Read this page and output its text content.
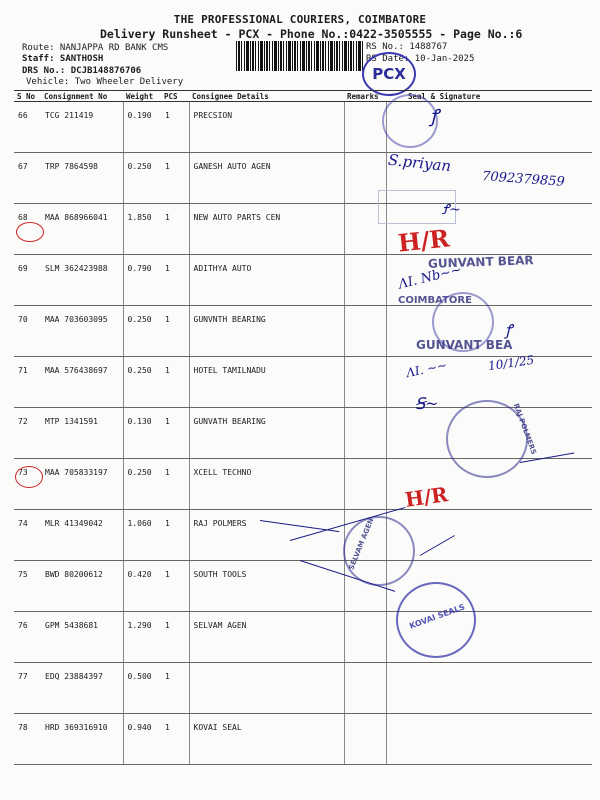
THE PROFESSIONAL COURIERS, COIMBATORE
Delivery Runsheet - PCX - Phone No.:0422-3505555 - Page No.:6
Route: NANJAPPA RD BANK CMS
Staff: SANTHOSH
DRS No.: DCJB148876706
Vehicle: Two Wheeler Delivery
RS No.: 1488767
RS Date: 10-Jan-2025
PCX
S No	Consignment No	Weight	PCS	Consignee Details	Remarks	Seal & Signature
66	TCG 211419	0.190	1	PRECSION		
67	TRP 7864598	0.250	1	GANESH AUTO AGEN		
68	MAA 868966041	1.850	1	NEW AUTO PARTS CEN		
69	SLM 362423988	0.790	1	ADITHYA AUTO		
70	MAA 703603095	0.250	1	GUNVNTH BEARING		
71	MAA 576438697	0.250	1	HOTEL TAMILNADU		
72	MTP 1341591	0.130	1	GUNVATH BEARING		
73	MAA 705833197	0.250	1	XCELL TECHNO		
74	MLR 41349042	1.060	1	RAJ POLMERS		
75	BWD 80200612	0.420	1	SOUTH TOOLS		
76	GPM 5438681	1.290	1	SELVAM AGEN		
77	EDQ 23884397	0.500	1			
78	HRD 369316910	0.940	1	KOVAI SEAL		
ꝭ
S.priyan
7092379859
Ꝭ~
H/R
GUNVANT BEAR
ΛΙ. Nb~~
COIMBATORE
ꝭ
GUNVANT BEA
10/1/25
ΛΙ. ~~
Ꞩ~	RAJ POLMERS
H/R
SELVAM AGEN
KOVAI SEALS
